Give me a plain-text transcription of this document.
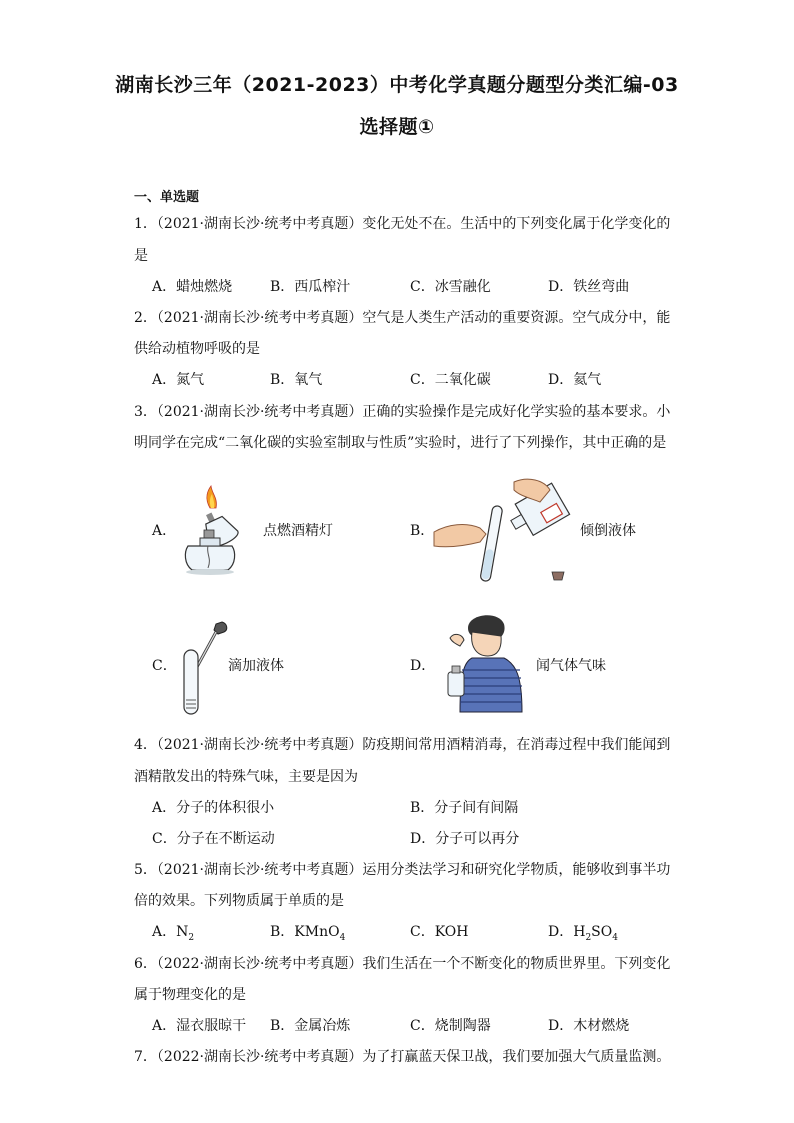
湖南长沙三年（2021-2023）中考化学真题分题型分类汇编-03
选择题①
一、单选题
1．（2021·湖南长沙·统考中考真题）变化无处不在。生活中的下列变化属于化学变化的
是
A．蜡烛燃烧	B．西瓜榨汁	C．冰雪融化	D．铁丝弯曲
2．（2021·湖南长沙·统考中考真题）空气是人类生产活动的重要资源。空气成分中，能
供给动植物呼吸的是
A．氮气	B．氧气	C．二氧化碳	D．氦气
3．（2021·湖南长沙·统考中考真题）正确的实验操作是完成好化学实验的基本要求。小
明同学在完成“二氧化碳的实验室制取与性质”实验时，进行了下列操作，其中正确的是
A．	点燃酒精灯	B．	倾倒液体
C．	滴加液体	D．	闻气体气味
4．（2021·湖南长沙·统考中考真题）防疫期间常用酒精消毒，在消毒过程中我们能闻到
酒精散发出的特殊气味，主要是因为
A．分子的体积很小	B．分子间有间隔
C．分子在不断运动	D．分子可以再分
5．（2021·湖南长沙·统考中考真题）运用分类法学习和研究化学物质，能够收到事半功
倍的效果。下列物质属于单质的是
A．$N_2$	B．KMnO$_4$	C．KOH	D．$H_2SO_4$
6．（2022·湖南长沙·统考中考真题）我们生活在一个不断变化的物质世界里。下列变化
属于物理变化的是
A．湿衣服晾干 B．金属冶炼	C．烧制陶器	D．木材燃烧
7．（2022·湖南长沙·统考中考真题）为了打赢蓝天保卫战，我们要加强大气质量监测。
